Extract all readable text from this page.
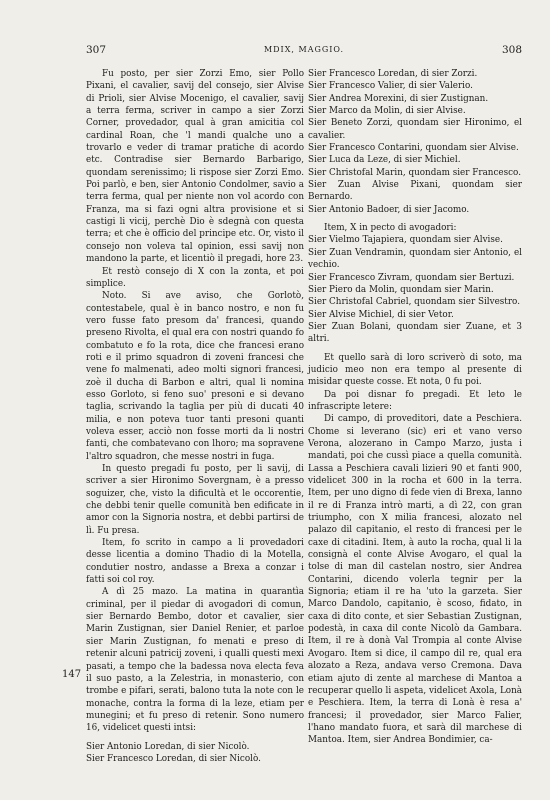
307	MDIX, MAGGIO.	308
147

Fu posto, per sier Zorzi Emo, sier Pollo Pixani, el cavalier, savij del consejo, sier Alvise di Prioli, sier Alvise Mocenigo, el cavalier, savij a terra ferma, scriver in campo a sier Zorzi Corner, provedador, qual à gran amicitia col cardinal Roan, che 'l mandi qualche uno a trovarlo e veder di tramar pratiche di acordo etc. Contradise sier Bernardo Barbarigo, quondam serenissimo; li rispose sier Zorzi Emo. Poi parlò, e ben, sier Antonio Condolmer, savio a terra ferma, qual per niente non vol acordo con Franza, ma si fazi ogni altra provisione et si castigi li vicij, perchè Dio è sdegnà con questa terra; et che è officio del principe etc. Or, visto il consejo non voleva tal opinion, essi savij non mandono la parte, et licentiò il pregadi, hore 23.

Et restò consejo di X con la zonta, et poi simplice.

Noto. Si ave aviso, che Gorlotò, contestabele, qual è in banco nostro, e non fu vero fusse fato presom da' francesi, quando preseno Rivolta, el qual era con nostri quando fo combatuto e fo la rota, dice che francesi erano roti e il primo squadron di zoveni francesi che vene fo malmenati, adeo molti signori francesi, zoè il ducha di Barbon e altri, qual li nomina esso Gorloto, si feno suo' presoni e si devano taglia, scrivando la taglia per più di ducati 40 milia, e non poteva tuor tanti presoni quanti voleva esser, acciò non fosse morti da li nostri fanti, che combatevano con lhoro; ma sopravene l'altro squadron, che messe nostri in fuga.

In questo pregadi fu posto, per li savij, di scriver a sier Hironimo Sovergnam, è a presso soguizer, che, visto la dificultà et le occorentie, che debbi tenir quelle comunità ben edificate in amor con la Signoria nostra, et debbi partirsi de lì. Fu presa.

Item, fo scrito in campo a li provedadori desse licentia a domino Thadio di la Motella, condutier nostro, andasse a Brexa a conzar i fatti soi col roy.

A dì 25 mazo. La matina in quarantìa criminal, per il piedar di avogadori di comun, sier Bernardo Bembo, dotor et cavalier, sier Marin Zustignan, sier Daniel Renier, et parloe sier Marin Zustignan, fo menati e preso di retenir alcuni patricij zoveni, i qualli questi mexi pasati, a tempo che la badessa nova electa feva il suo pasto, a la Zelestria, in monasterio, con trombe e pifari, serati, balono tuta la note con le monache, contra la forma di la leze, etiam per munegini; et fu preso di retenir. Sono numero 16, videlicet questi intsi:

Sier Antonio Loredan, di sier Nicolò.

Sier Francesco Loredan, di sier Nicolò.

Sier Francesco Loredan, di sier Zorzi.

Sier Francesco Valier, di sier Valerio.

Sier Andrea Morexini, di sier Zustignan.

Sier Marco da Molin, di sier Alvise.

Sier Beneto Zorzi, quondam sier Hironimo, el cavalier.

Sier Francesco Contarini, quondam sier Alvise.

Sier Luca da Leze, di sier Michiel.

Sier Christofal Marin, quondam sier Francesco.

Sier Zuan Alvise Pixani, quondam sier Bernardo.

Sier Antonio Badoer, di sier Jacomo.

Item, X in pecto di avogadori:

Sier Vielmo Tajapiera, quondam sier Alvise.

Sier Zuan Vendramin, quondam sier Antonio, el vechio.

Sier Francesco Zivram, quondam sier Bertuzi.

Sier Piero da Molin, quondam sier Marin.

Sier Christofal Cabriel, quondam sier Silvestro.

Sier Alvise Michiel, di sier Vetor.

Sier Zuan Bolani, quondam sier Zuane, et 3 altri.

Et quello sarà di loro scriverò di soto, ma judicio meo non era tempo al presente di misidar queste cosse. Et nota, 0 fu poi.

Da poi disnar fo pregadi. Et leto le infrascripte letere:

Di campo, di proveditori, date a Peschiera. Chome si leverano (sic) eri et vano verso Verona, alozerano in Campo Marzo, justa i mandati, poi che cussì piace a quella comunità. Lassa a Peschiera cavali lizieri 90 et fanti 900, videlicet 300 in la rocha et 600 in la terra. Item, per uno digno di fede vien di Brexa, lanno il re di Franza intrò marti, a dì 22, con gran triumpho, con X milia francesi, alozato nel palazo dil capitanio, el resto di francesi per le caxe di citadini. Item, à auto la rocha, qual li la consignà el conte Alvise Avogaro, el qual la tolse di man dil castelan nostro, sier Andrea Contarini, dicendo volerla tegnir per la Signoria; etiam il re ha 'uto la garzeta. Sier Marco Dandolo, capitanio, è scoso, fidato, in caxa di dito conte, et sier Sebastian Zustignan, podestà, in caxa dil conte Nicolò da Gambara. Item, il re à donà Val Trompia al conte Alvise Avogaro. Item si dice, il campo dil re, qual era alozato a Reza, andava verso Cremona. Dava etiam ajuto di zente al marchese di Mantoa a recuperar quello li aspeta, videlicet Axola, Lonà e Peschiera. Item, la terra di Lonà è resa a' francesi; il provedador, sier Marco Falier, l'hano mandato fuora, et sarà dil marchese di Mantoa. Item, sier Andrea Bondimier, ca-
